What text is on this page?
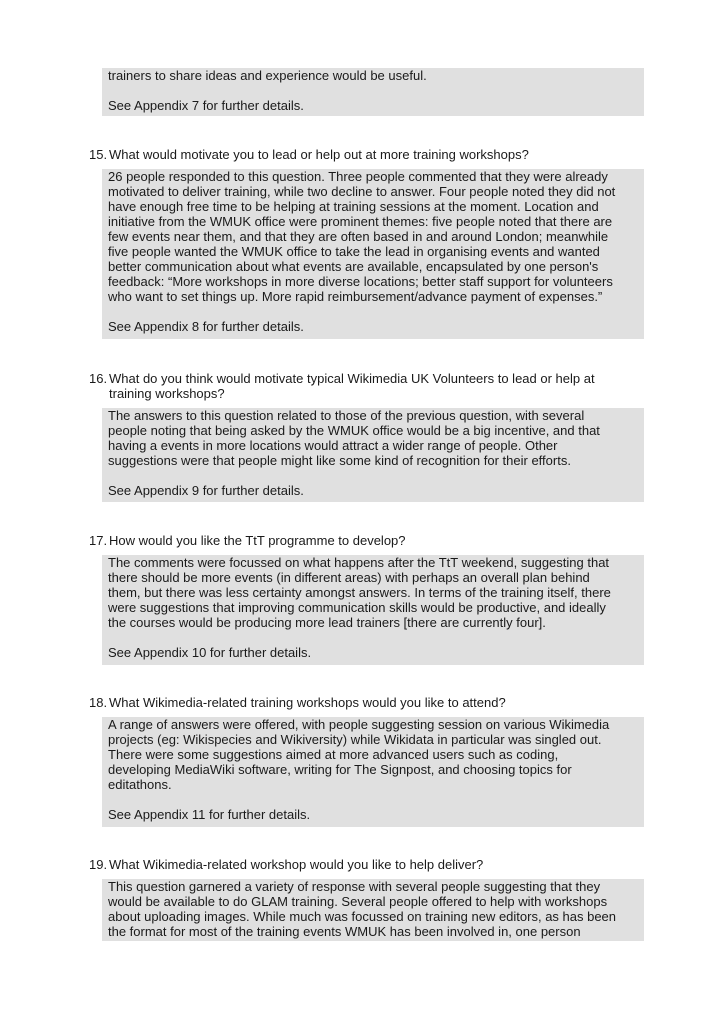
trainers to share ideas and experience would be useful.

See Appendix 7 for further details.

15. What would motivate you to lead or help out at more training workshops?

26 people responded to this question. Three people commented that they were already
motivated to deliver training, while two decline to answer. Four people noted they did not
have enough free time to be helping at training sessions at the moment. Location and
initiative from the WMUK office were prominent themes: five people noted that there are
few events near them, and that they are often based in and around London; meanwhile
five people wanted the WMUK office to take the lead in organising events and wanted
better communication about what events are available, encapsulated by one person's
feedback: “More workshops in more diverse locations; better staff support for volunteers
who want to set things up. More rapid reimbursement/advance payment of expenses.”

See Appendix 8 for further details.

16. What do you think would motivate typical Wikimedia UK Volunteers to lead or help at
training workshops?

The answers to this question related to those of the previous question, with several
people noting that being asked by the WMUK office would be a big incentive, and that
having a events in more locations would attract a wider range of people. Other
suggestions were that people might like some kind of recognition for their efforts.

See Appendix 9 for further details.

17. How would you like the TtT programme to develop?

The comments were focussed on what happens after the TtT weekend, suggesting that
there should be more events (in different areas) with perhaps an overall plan behind
them, but there was less certainty amongst answers. In terms of the training itself, there
were suggestions that improving communication skills would be productive, and ideally
the courses would be producing more lead trainers [there are currently four].

See Appendix 10 for further details.

18. What Wikimedia-related training workshops would you like to attend?

A range of answers were offered, with people suggesting session on various Wikimedia
projects (eg: Wikispecies and Wikiversity) while Wikidata in particular was singled out.
There were some suggestions aimed at more advanced users such as coding,
developing MediaWiki software, writing for The Signpost, and choosing topics for
editathons.

See Appendix 11 for further details.

19. What Wikimedia-related workshop would you like to help deliver?

This question garnered a variety of response with several people suggesting that they
would be available to do GLAM training. Several people offered to help with workshops
about uploading images. While much was focussed on training new editors, as has been
the format for most of the training events WMUK has been involved in, one person
